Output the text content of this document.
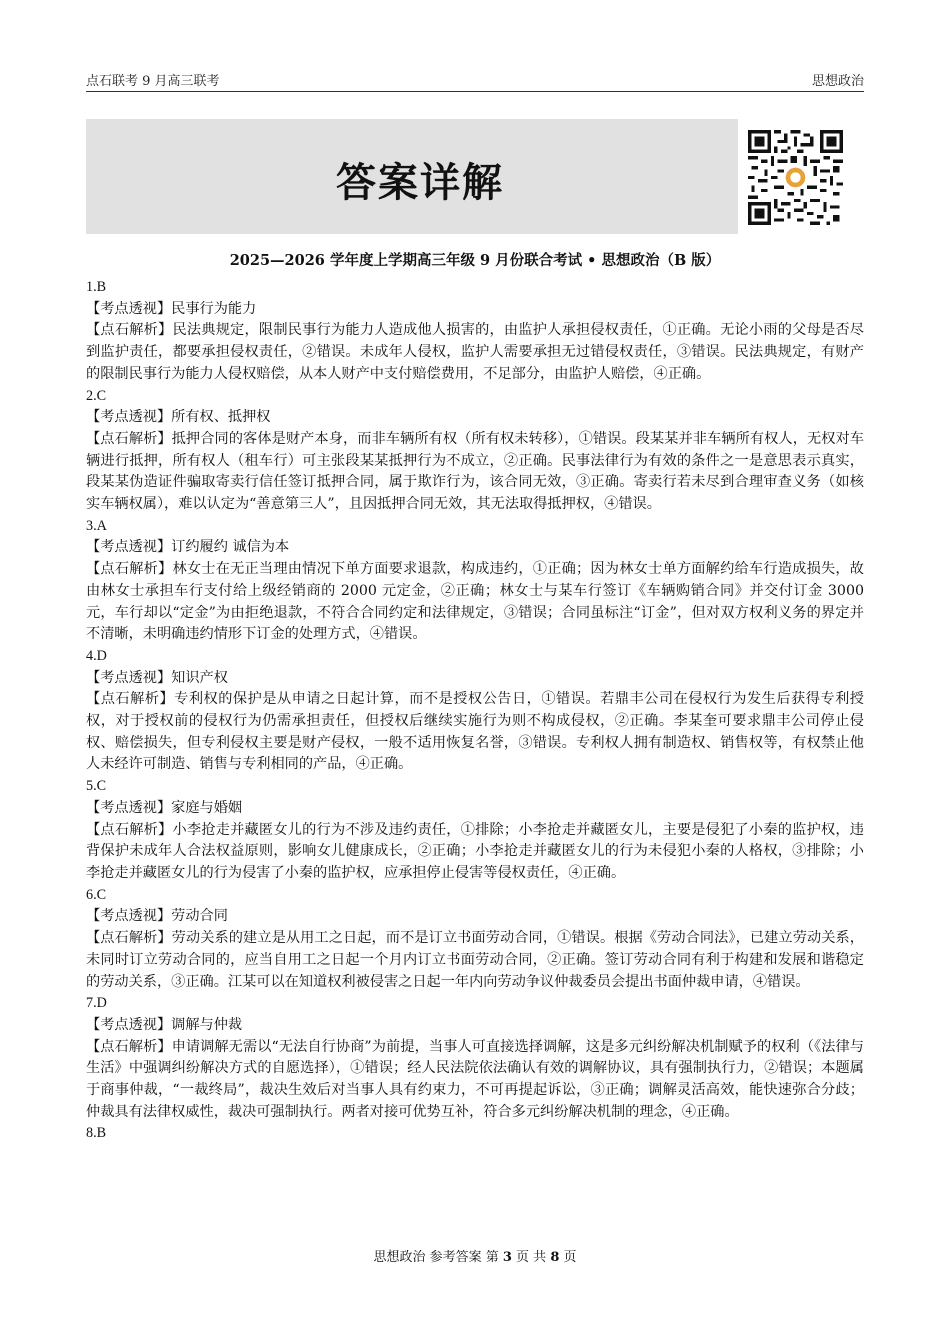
点石联考 9 月高三联考	思想政治
答案详解
2025—2026 学年度上学期高三年级 9 月份联合考试 • 思想政治（B 版）

1.B

【考点透视】民事行为能力

【点石解析】民法典规定，限制民事行为能力人造成他人损害的，由监护人承担侵权责任，①正确。无论小雨的父母是否尽到监护责任，都要承担侵权责任，②错误。未成年人侵权，监护人需要承担无过错侵权责任，③错误。民法典规定，有财产的限制民事行为能力人侵权赔偿，从本人财产中支付赔偿费用，不足部分，由监护人赔偿，④正确。

2.C

【考点透视】所有权、抵押权

【点石解析】抵押合同的客体是财产本身，而非车辆所有权（所有权未转移），①错误。段某某并非车辆所有权人，无权对车辆进行抵押，所有权人（租车行）可主张段某某抵押行为不成立，②正确。民事法律行为有效的条件之一是意思表示真实，段某某伪造证件骗取寄卖行信任签订抵押合同，属于欺诈行为，该合同无效，③正确。寄卖行若未尽到合理审查义务（如核实车辆权属），难以认定为“善意第三人”，且因抵押合同无效，其无法取得抵押权，④错误。

3.A

【考点透视】订约履约 诚信为本

【点石解析】林女士在无正当理由情况下单方面要求退款，构成违约，①正确；因为林女士单方面解约给车行造成损失，故由林女士承担车行支付给上级经销商的 2000 元定金，②正确；林女士与某车行签订《车辆购销合同》并交付订金 3000 元，车行却以“定金”为由拒绝退款，不符合合同约定和法律规定，③错误；合同虽标注“订金”，但对双方权利义务的界定并不清晰，未明确违约情形下订金的处理方式，④错误。

4.D

【考点透视】知识产权

【点石解析】专利权的保护是从申请之日起计算，而不是授权公告日，①错误。若鼎丰公司在侵权行为发生后获得专利授权，对于授权前的侵权行为仍需承担责任，但授权后继续实施行为则不构成侵权，②正确。李某奎可要求鼎丰公司停止侵权、赔偿损失，但专利侵权主要是财产侵权，一般不适用恢复名誉，③错误。专利权人拥有制造权、销售权等，有权禁止他人未经许可制造、销售与专利相同的产品，④正确。

5.C

【考点透视】家庭与婚姻

【点石解析】小李抢走并藏匿女儿的行为不涉及违约责任，①排除；小李抢走并藏匿女儿，主要是侵犯了小秦的监护权，违背保护未成年人合法权益原则，影响女儿健康成长，②正确；小李抢走并藏匿女儿的行为未侵犯小秦的人格权，③排除；小李抢走并藏匿女儿的行为侵害了小秦的监护权，应承担停止侵害等侵权责任，④正确。

6.C

【考点透视】劳动合同

【点石解析】劳动关系的建立是从用工之日起，而不是订立书面劳动合同，①错误。根据《劳动合同法》，已建立劳动关系，未同时订立劳动合同的，应当自用工之日起一个月内订立书面劳动合同，②正确。签订劳动合同有利于构建和发展和谐稳定的劳动关系，③正确。江某可以在知道权利被侵害之日起一年内向劳动争议仲裁委员会提出书面仲裁申请，④错误。

7.D

【考点透视】调解与仲裁

【点石解析】申请调解无需以“无法自行协商”为前提，当事人可直接选择调解，这是多元纠纷解决机制赋予的权利（《法律与生活》中强调纠纷解决方式的自愿选择），①错误；经人民法院依法确认有效的调解协议，具有强制执行力，②错误；本题属于商事仲裁，“一裁终局”，裁决生效后对当事人具有约束力，不可再提起诉讼，③正确；调解灵活高效，能快速弥合分歧；仲裁具有法律权威性，裁决可强制执行。两者对接可优势互补，符合多元纠纷解决机制的理念，④正确。

8.B

思想政治 参考答案 第 3 页 共 8 页
